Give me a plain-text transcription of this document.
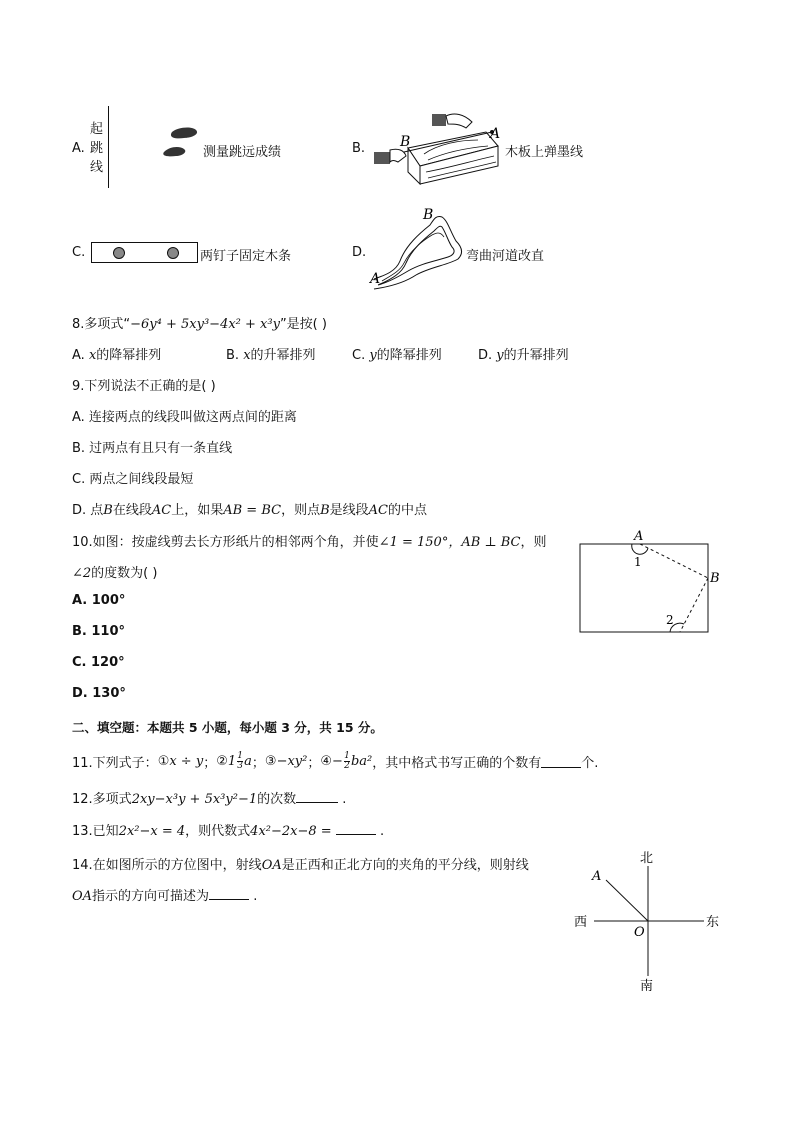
A.
起
跳
线
测量跳远成绩	B. B	A
木板上弹墨线
C.	两钉子固定木条	D.
B
A
弯曲河道改直
8.多项式“−6y⁴ + 5xy³−4x² + x³y”是按( )
A. x的降幂排列	B. x的升幂排列	C. y的降幂排列	D. y的升幂排列
9.下列说法不正确的是( )
A. 连接两点的线段叫做这两点间的距离
B. 过两点有且只有一条直线
C. 两点之间线段最短
D. 点B在线段AC上，如果AB = BC，则点B是线段AC的中点
10.如图：按虚线剪去长方形纸片的相邻两个角，并使∠1 = 150°，AB ⊥ BC，则
∠2的度数为( )
A. 100°
B. 110°
C. 120°
D. 130°
A
1
B
2
二、填空题：本题共 5 小题，每小题 3 分，共 15 分。
11.下列式子： ① x ÷ y ； ② 1 1
3 a ； ③ −xy² ； ④ − 1
2 ba² ，其中格式书写正确的个数有	个.
12.多项式2xy−x³y + 5x³y²−1的次数	.
13.已知2x²−x = 4，则代数式4x²−2x−8 =	.
14.在如图所示的方位图中，射线OA是正西和正北方向的夹角的平分线，则射线
OA指示的方向可描述为	.
北
南
西	东
O
A
